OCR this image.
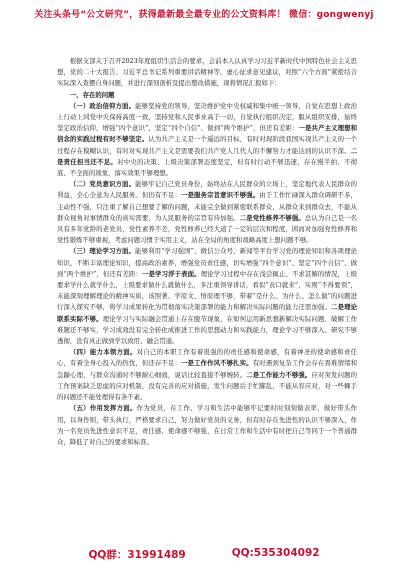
关注头条号“公文研究”，获得最新最全最专业的公文资料库！ 微信：gongwenyj

根据支部关于召开2023年度组织生活会的要求，会前本人认真学习习近平新时代中国特色社会主义思想，党的二十大报告、习近平总书记系列重要讲话精神等，虚心征求意见建议，对照“六个方面”紧密结合实际深入查摆自身问题，并进行深刻剖析及提出整改措施，现将情况汇报如下：

一、存在的问题

（一）政治信仰方面。能够坚持党的领导，坚决维护党中央权威和集中统一领导，自觉在思想上政治上行动上同党中央保持高度一致，坚持党和人民事业高于一切，自觉执行组织决定，服从组织安排，始终坚定政治信仰，增强“四个意识”、坚定“四个自信”、做到“两个维护”，但还有差距：一是共产主义理想和信念的实践过程有时不够坚定。认为共产主义是一个遥远的目标，有时对现阶段我国实现共产主义的一个过程存在模糊认识，有时对实现共产主义是需要我们共产党人几代人的不懈努力才能达到的认识不深。二是责任担当还不足。对中央的决策、上级决策部署态度坚定，但有时行动不够迅速，存在慢半拍、不彻底、不全面的现象，落实效果不够理想。

（二）党员意识方面。能够牢记自己党员身份，始终站在人民群众的立场上，坚定地代表人民群众的利益，全心全意为人民服务。但仍有不足：一是服务宗旨意识不够强。由于工作忙碌深入群众调研不多，主动性不强，只注重了解自己想要了解的问题，未能完全做到紧密联系群众，从群众来到群众去，不能从群众视角对事情群众的真实需要，为人民服务的宗旨有待加强。二是党性修养不够强。总认为自己是一名具有多年党龄的老党员，党性素养不差，党性修养已经大道了一定的层次和程度，困而对加强党性修养和党性锻炼不够重视，考虑问题习惯于实用主义，站在全局的角度和战略高度上想问题不够。

（三）理论学习方面。能够利用“学习强国”、微信公众号、新闻等平台学习党的理论知识和各项理论知识，不断丰富理论知识，提高政治素养，增强党员责任感，切实增强“四个意识”、坚定“四个自信”、做到“两个维护”，但还有差距：一是学习浮于表面。理论学习过程中存在浅尝辄止、不求甚解的情况，上级要求学什么就学什么，上级要求做什么就做什么，多注重领导讲话，看似“表口就来”，实则“不得要领”，未能深刻理解理论的精神实质，该照著、学原文、悟原理不够，带着“是什么、为什么、怎么做”的问题进行深入探究不够，将学习成果转化为贯彻落实决策部署的能力和解决实际问题的能力还需加强。二是理论联系实际不够。理论学习与实际融会贯通上存在脱节现象，在如何运用新思想新解决实际问题、破解工作难题还不够实，学习成效没有完全转化成推进工作的思想动力和实践能力，理论学习不够深入、研究不够透彻，没有真正做到学以致用、融会贯通。

（四）能力本领方面。对自己的本职工作有着很强的的责任感和使命感，有着神圣的使命感和责任心，有着全身心投入的热忱，但还存不足：一是工作作风不够扎实。有时遇到复杂工作会存在畏难情绪和急躁心理，与群众沟通时不够耐心细致，说话比较直接不够婉转。二是工作能力不够强。应对突发问题的工作预案缺乏思虑的应对机制，没有完善的应对措施，发生问题后手忙脚乱，不能从容应对，对一些棘手的问题还不能处理得有条不紊。

（五）作用发挥方面。作为党员，在工作、学习和生活中能够牢记要时时刻刻做表率，做好带头作用，以身作则，带头执行，严格要求自己，努力做好党员的义务，但有时存在先进性的认识不够深入，作为一名党员先进性意识不足，责任感、使命感不够强，在日常工作和生活中有时把自己等同于一个普通群众，降低了对自己的要求和标准。

QQ群：31991489	QQ:535304092
